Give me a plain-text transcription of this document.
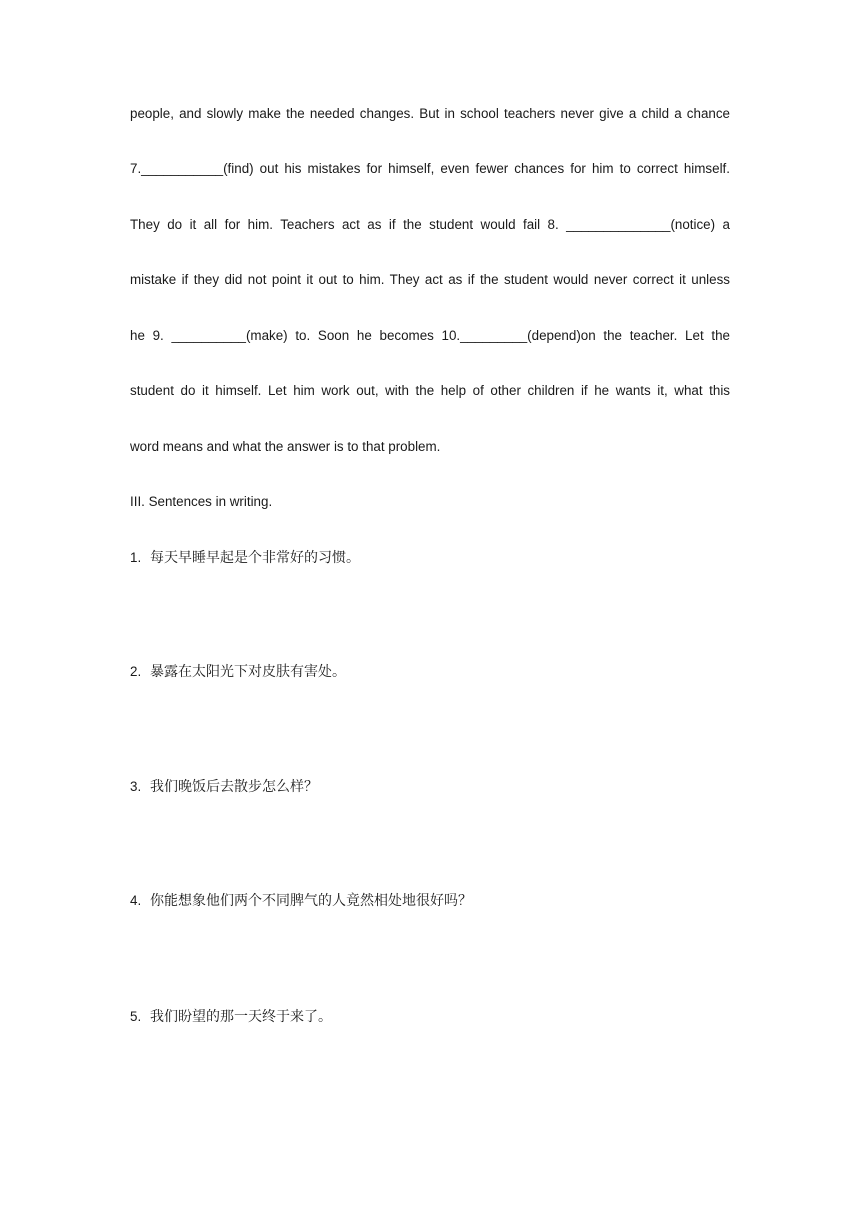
people, and slowly make the needed changes. But in school teachers never give a child a chance
7.___________(find) out his mistakes for himself, even fewer chances for him to correct himself.
They do it all for him. Teachers act as if the student would fail 8. ______________(notice) a
mistake if they did not point it out to him. They act as if the student would never correct it unless
he 9. __________(make) to. Soon he becomes 10._________(depend)on the teacher. Let the
student do it himself. Let him work out, with the help of other children if he wants it, what this
word means and what the answer is to that problem.
III. Sentences in writing.
1. 每天早睡早起是个非常好的习惯。
2. 暴露在太阳光下对皮肤有害处。
3. 我们晚饭后去散步怎么样？
4. 你能想象他们两个不同脾气的人竟然相处地很好吗？
5. 我们盼望的那一天终于来了。
